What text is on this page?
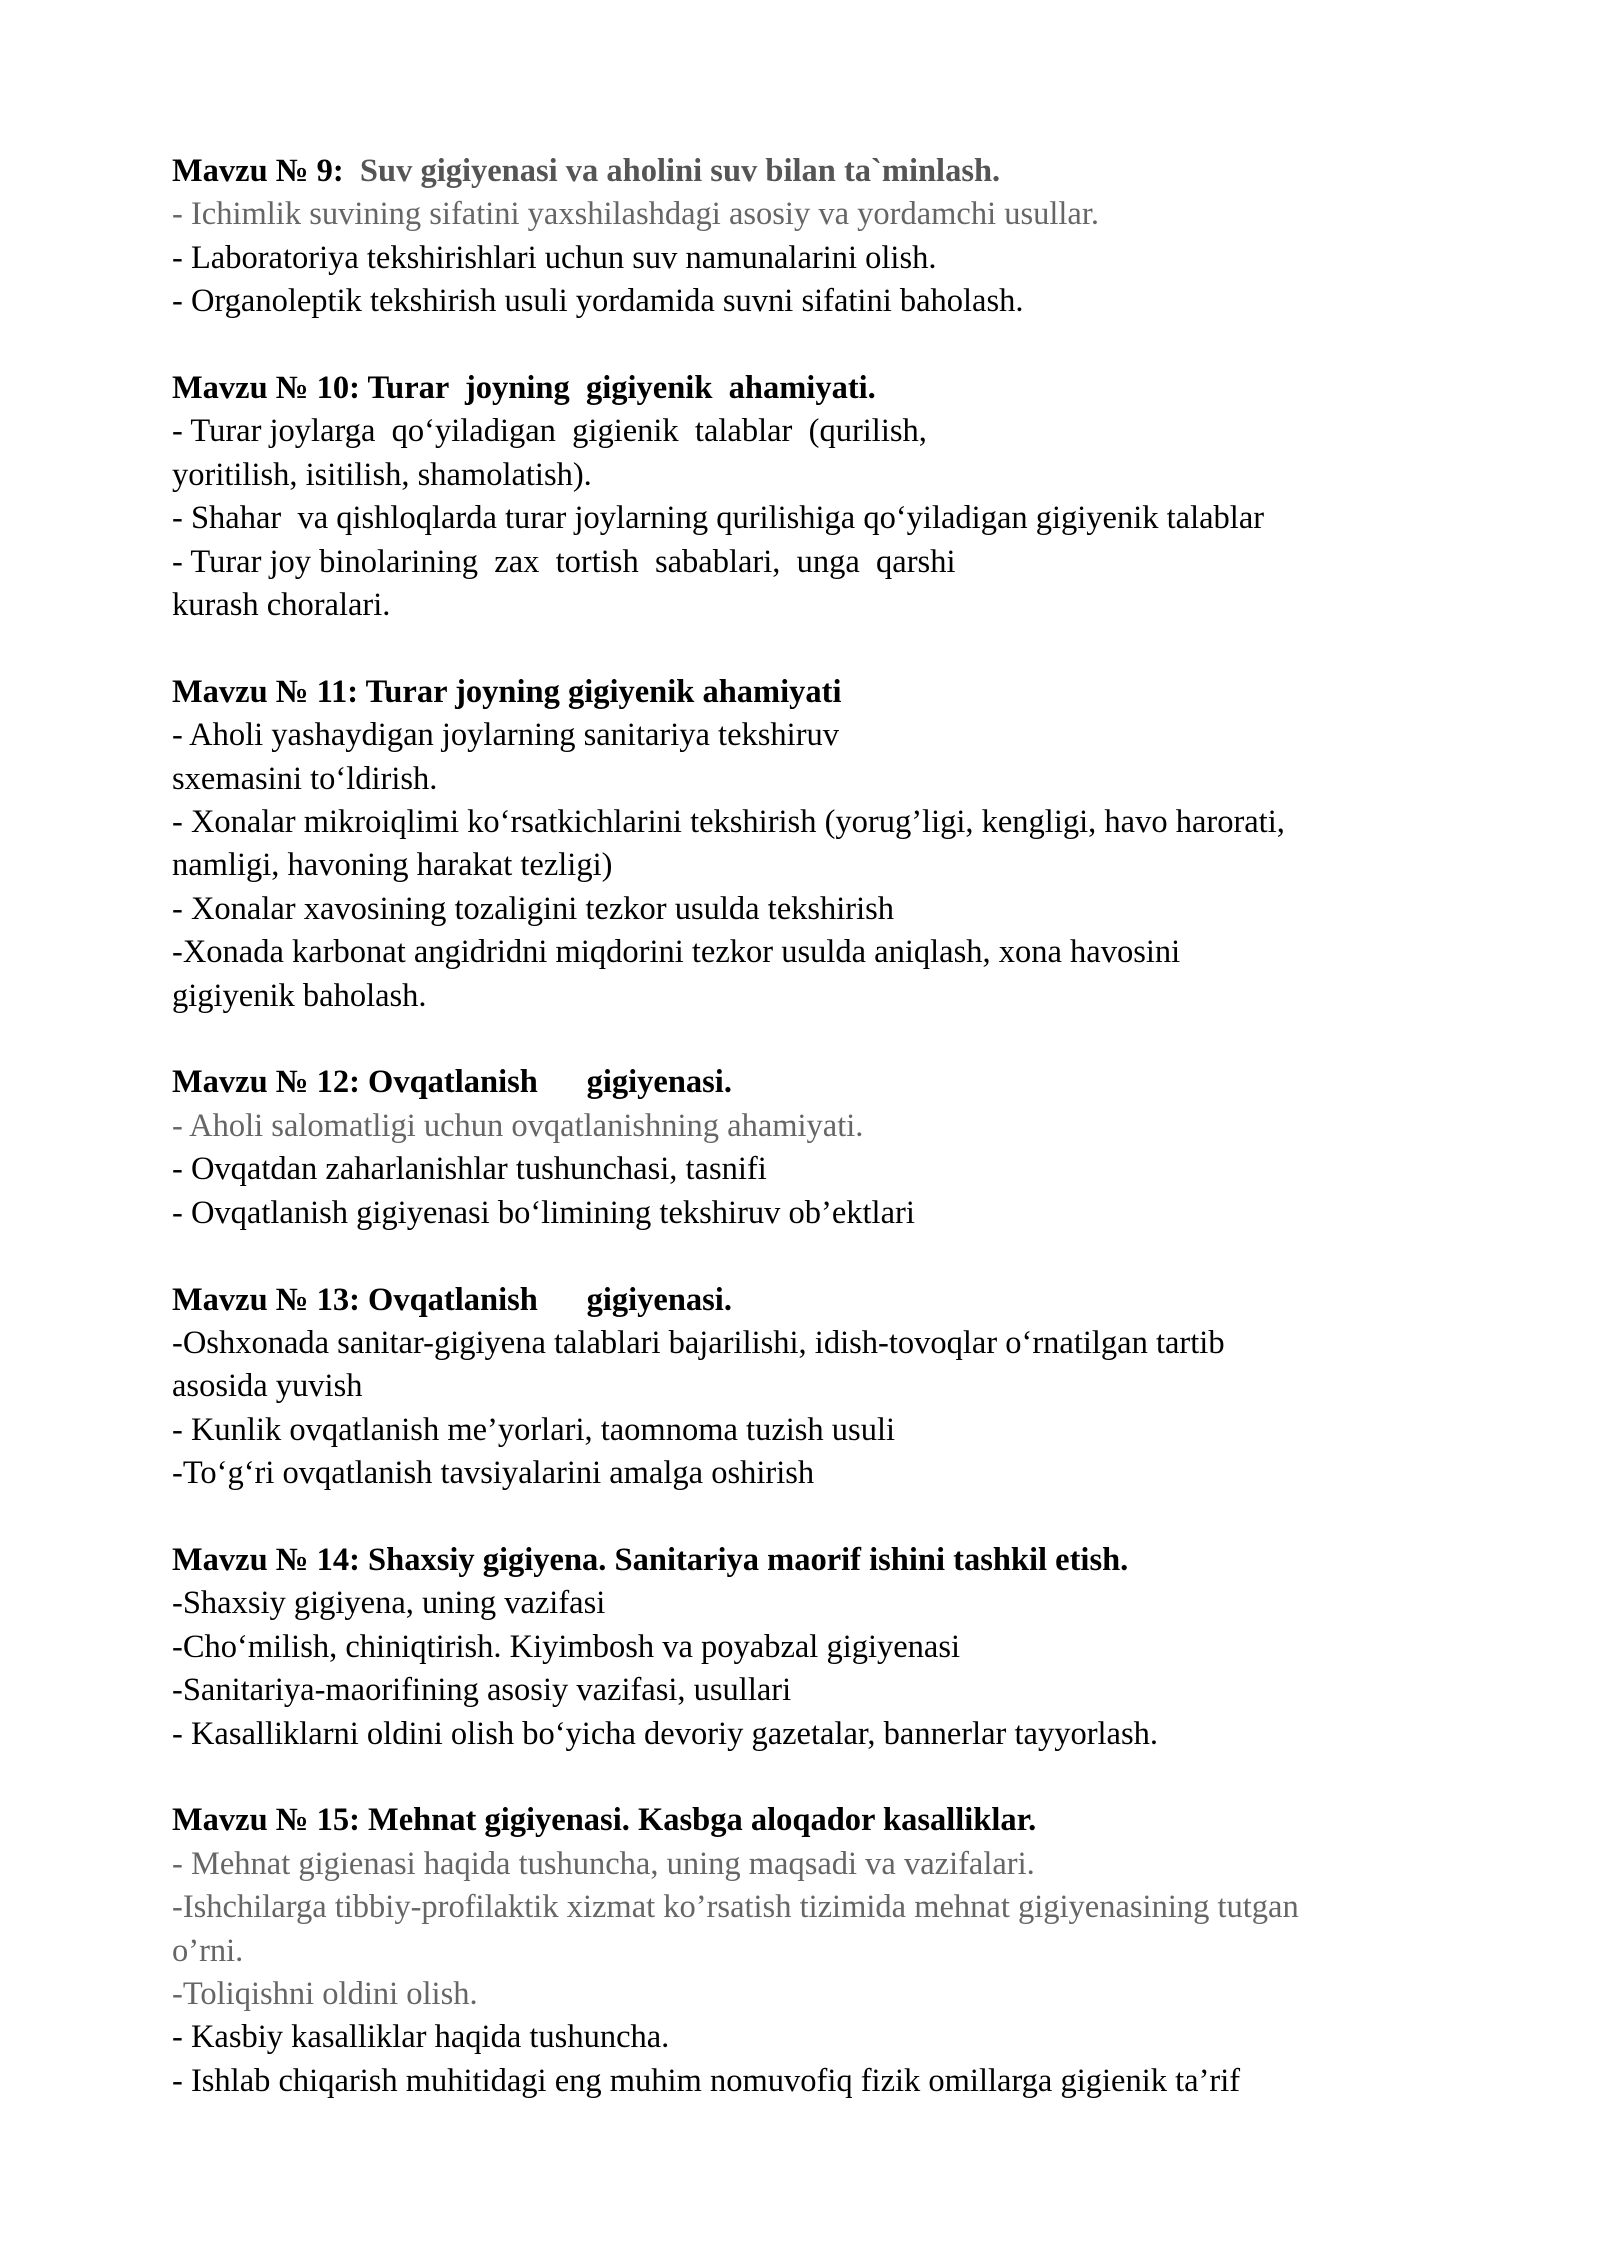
Mavzu № 9:  Suv gigiyenasi va aholini suv bilan ta`minlash.
- Ichimlik suvining sifatini yaxshilashdagi asosiy va yordamchi usullar.
- Laboratoriya tekshirishlari uchun suv namunalarini olish.
- Organoleptik tekshirish usuli yordamida suvni sifatini baholash.
Mavzu № 10: Turar  joyning  gigiyenik  ahamiyati.
- Turar joylarga  qo‘yiladigan  gigienik  talablar  (qurilish,
yoritilish, isitilish, shamolatish).
- Shahar  va qishloqlarda turar joylarning qurilishiga qo‘yiladigan gigiyenik talablar
- Turar joy binolarining  zax  tortish  sabablari,  unga  qarshi
kurash choralari.
Mavzu № 11: Turar joyning gigiyenik ahamiyati
- Aholi yashaydigan joylarning sanitariya tekshiruv
sxemasini to‘ldirish.
- Xonalar mikroiqlimi ko‘rsatkichlarini tekshirish (yorug’ligi, kengligi, havo harorati,
namligi, havoning harakat tezligi)
- Xonalar xavosining tozaligini tezkor usulda tekshirish
-Xonada karbonat angidridni miqdorini tezkor usulda aniqlash, xona havosini
gigiyenik baholash.
Mavzu № 12: Ovqatlanish      gigiyenasi.
- Aholi salomatligi uchun ovqatlanishning ahamiyati.
- Ovqatdan zaharlanishlar tushunchasi, tasnifi
- Ovqatlanish gigiyenasi bo‘limining tekshiruv ob’ektlari
Mavzu № 13: Ovqatlanish      gigiyenasi.
-Oshxonada sanitar-gigiyena talablari bajarilishi, idish-tovoqlar o‘rnatilgan tartib
asosida yuvish
- Kunlik ovqatlanish me’yorlari, taomnoma tuzish usuli
-To‘g‘ri ovqatlanish tavsiyalarini amalga oshirish
Mavzu № 14: Shaxsiy gigiyena. Sanitariya maorif ishini tashkil etish.
-Shaxsiy gigiyena, uning vazifasi
-Cho‘milish, chiniqtirish. Kiyimbosh va poyabzal gigiyenasi
-Sanitariya-maorifining asosiy vazifasi, usullari
- Kasalliklarni oldini olish bo‘yicha devoriy gazetalar, bannerlar tayyorlash.
Mavzu № 15: Mehnat gigiyenasi. Kasbga aloqador kasalliklar.
- Mehnat gigienasi haqida tushuncha, uning maqsadi va vazifalari.
-Ishchilarga tibbiy-profilaktik xizmat ko’rsatish tizimida mehnat gigiyenasining tutgan
o’rni.
-Toliqishni oldini olish.
- Kasbiy kasalliklar haqida tushuncha.
- Ishlab chiqarish muhitidagi eng muhim nomuvofiq fizik omillarga gigienik ta’rif
